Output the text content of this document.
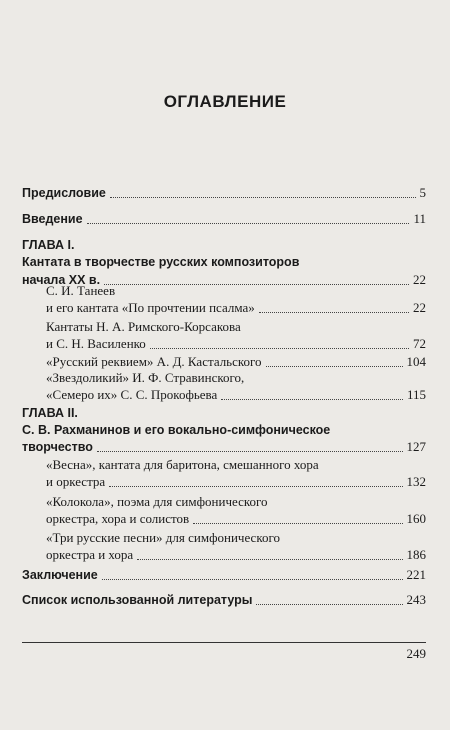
ОГЛАВЛЕНИЕ
Предисловие	5
Введение	11
ГЛАВА I.
Кантата в творчестве русских композиторов
начала XX в.	22
С. И. Танеев
и его кантата «По прочтении псалма»	22
Кантаты Н. А. Римского-Корсакова
и С. Н. Василенко	72
«Русский реквием» А. Д. Кастальского	104
«Звездоликий» И. Ф. Стравинского,
«Семеро их» С. С. Прокофьева	115
ГЛАВА II.
С. В. Рахманинов и его вокально-симфоническое
творчество	127
«Весна», кантата для баритона, смешанного хора
и оркестра	132
«Колокола», поэма для симфонического
оркестра, хора и солистов	160
«Три русские песни» для симфонического
оркестра и хора	186
Заключение	221
Список использованной литературы	243
249
